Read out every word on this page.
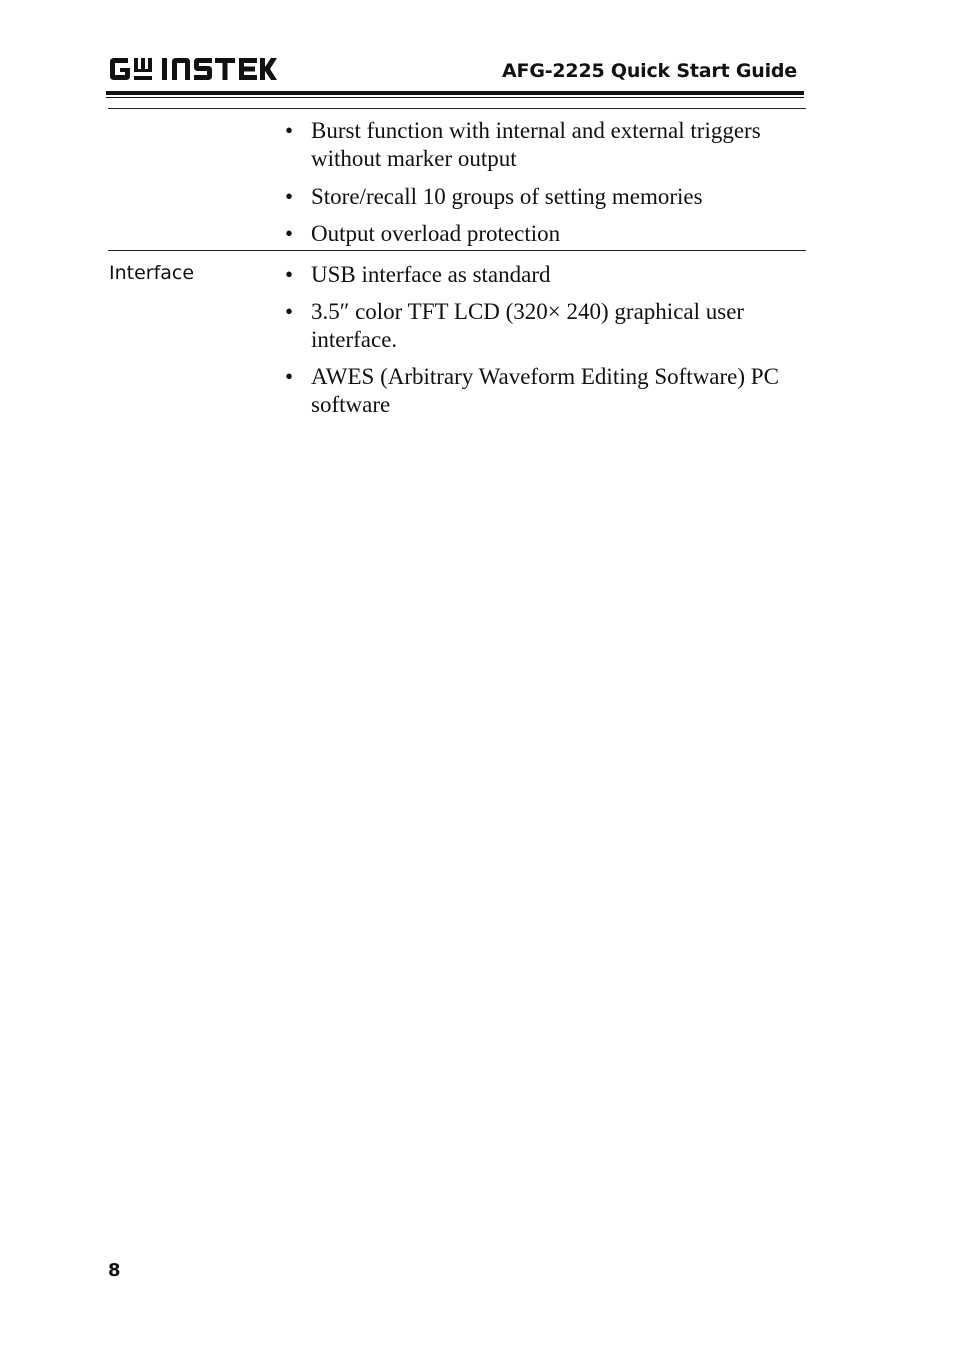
AFG-2225 Quick Start Guide
• Burst function with internal and external triggers without marker output
• Store/recall 10 groups of setting memories
• Output overload protection
Interface	• USB interface as standard
• 3.5″ color TFT LCD (320× 240) graphical user interface.
• AWES (Arbitrary Waveform Editing Software) PC software
8
